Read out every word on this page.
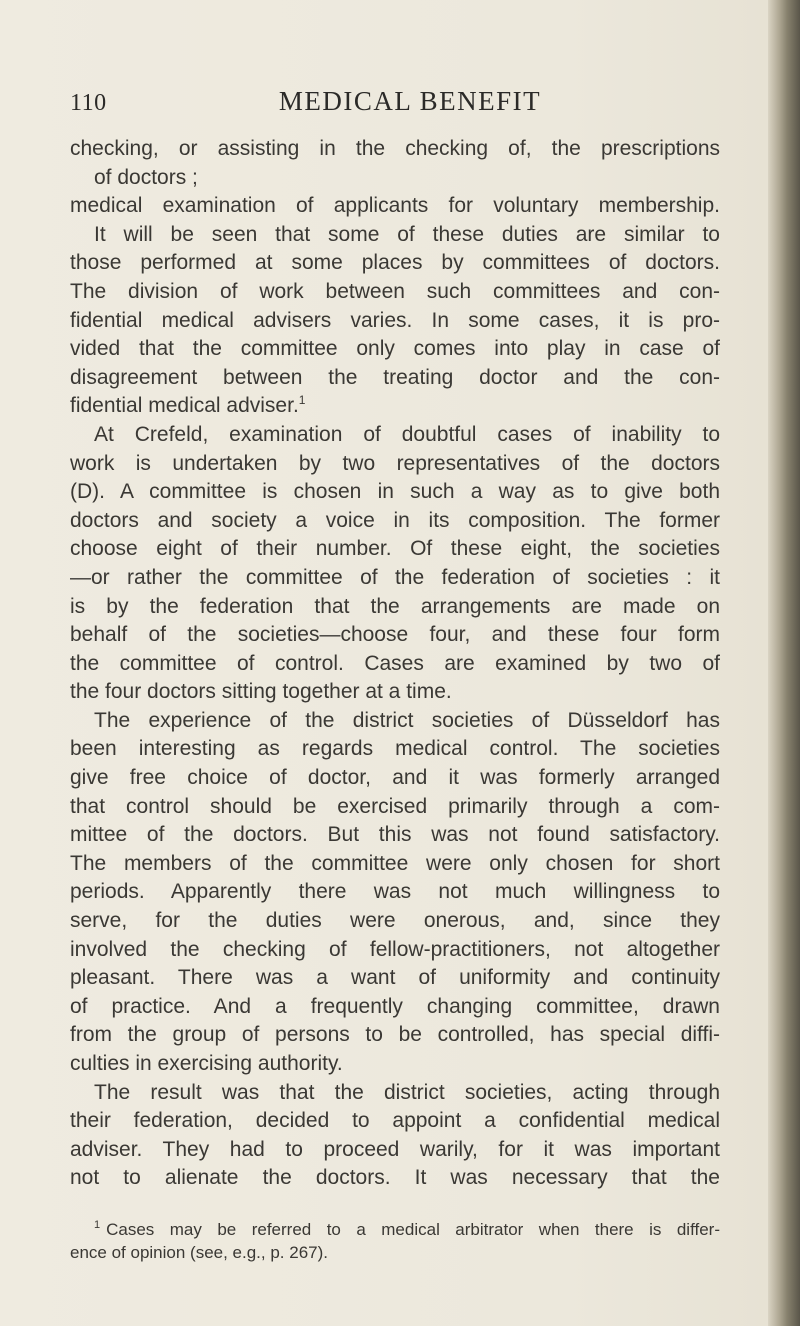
110	MEDICAL BENEFIT
checking, or assisting in the checking of, the prescriptions
of doctors ;
medical examination of applicants for voluntary membership.
It will be seen that some of these duties are similar to
those performed at some places by committees of doctors.
The division of work between such committees and con-
fidential medical advisers varies. In some cases, it is pro-
vided that the committee only comes into play in case of
disagreement between the treating doctor and the con-
fidential medical adviser.$^1$
At Crefeld, examination of doubtful cases of inability to
work is undertaken by two representatives of the doctors
(D). A committee is chosen in such a way as to give both
doctors and society a voice in its composition. The former
choose eight of their number. Of these eight, the societies
—or rather the committee of the federation of societies : it
is by the federation that the arrangements are made on
behalf of the societies—choose four, and these four form
the committee of control. Cases are examined by two of
the four doctors sitting together at a time.
The experience of the district societies of Düsseldorf has
been interesting as regards medical control. The societies
give free choice of doctor, and it was formerly arranged
that control should be exercised primarily through a com-
mittee of the doctors. But this was not found satisfactory.
The members of the committee were only chosen for short
periods. Apparently there was not much willingness to
serve, for the duties were onerous, and, since they
involved the checking of fellow-practitioners, not altogether
pleasant. There was a want of uniformity and continuity
of practice. And a frequently changing committee, drawn
from the group of persons to be controlled, has special diffi-
culties in exercising authority.
The result was that the district societies, acting through
their federation, decided to appoint a confidential medical
adviser. They had to proceed warily, for it was important
not to alienate the doctors. It was necessary that the
$^1$ Cases may be referred to a medical arbitrator when there is differ-
ence of opinion (see, e.g., p. 267).
